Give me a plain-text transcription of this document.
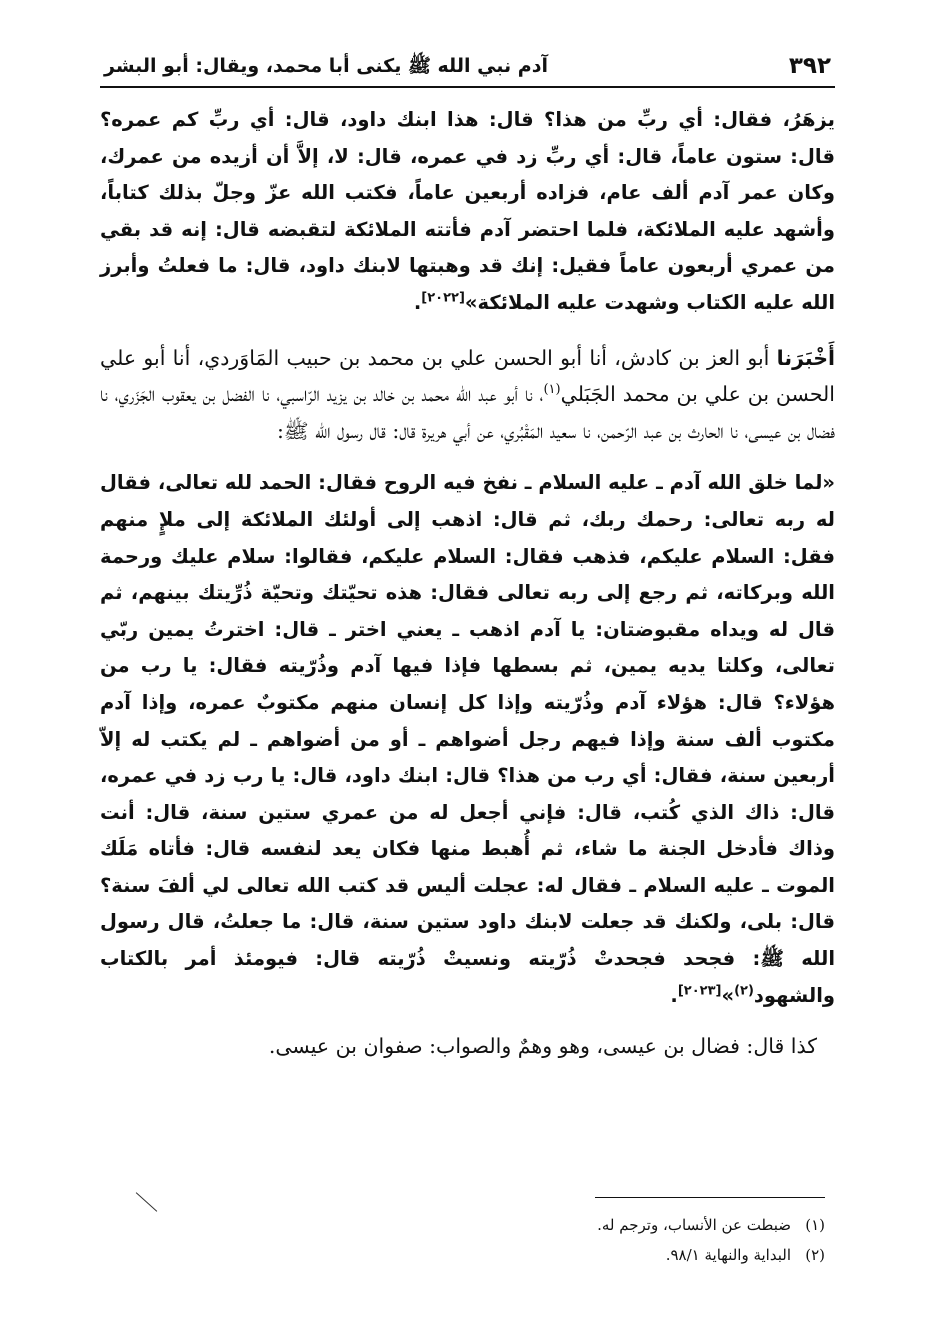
٣٩٢
آدم نبي الله ﷺ يكنى أبا محمد، ويقال: أبو البشر

يزهَرُ، فقال: أي ربِّ من هذا؟ قال: هذا ابنك داود، قال: أي ربِّ كم عمره؟ قال: ستون عاماً، قال: أي ربِّ زد في عمره، قال: لا، إلاَّ أن أزيده من عمرك، وكان عمر آدم ألف عام، فزاده أربعين عاماً، فكتب الله عزّ وجلّ بذلك كتاباً، وأشهد عليه الملائكة، فلما احتضر آدم فأتته الملائكة لتقبضه قال: إنه قد بقي من عمري أربعون عاماً فقيل: إنك قد وهبتها لابنك داود، قال: ما فعلتُ وأبرز الله عليه الكتاب وشهدت عليه الملائكة»[٢٠٢٢].

أَخْبَرَنا أبو العز بن كادش، أنا أبو الحسن علي بن محمد بن حبيب المَاوَردي، أنا أبو علي الحسن بن علي بن محمد الجَبَلي$^{(١)}$، نا أبو عبد اللّه محمد بن خالد بن يزيد الرّاسبي، نا الفضل بن يعقوب الجَزَري، نا فضال بن عيسى، نا الحارث بن عبد الرّحمن، نا سعيد المَقْبُري، عن أبي هريرة قال: قال رسول الله ﷺ:

«لما خلق الله آدم ـ عليه السلام ـ نفخ فيه الروح فقال: الحمد لله تعالى، فقال له ربه تعالى: رحمك ربك، ثم قال: اذهب إلى أولئك الملائكة إلى ملإٍ منهم فقل: السلام عليكم، فذهب فقال: السلام عليكم، فقالوا: سلام عليك ورحمة الله وبركاته، ثم رجع إلى ربه تعالى فقال: هذه تحيّتك وتحيّة ذُرِّيتك بينهم، ثم قال له ويداه مقبوضتان: يا آدم اذهب ـ يعني اختر ـ قال: اخترتُ يمين ربّي تعالى، وكلتا يديه يمين، ثم بسطها فإذا فيها آدم وذُرّيته فقال: يا رب من هؤلاء؟ قال: هؤلاء آدم وذُرّيته وإذا كل إنسان منهم مكتوبٌ عمره، وإذا آدم مكتوب ألف سنة وإذا فيهم رجل أضواهم ـ أو من أضواهم ـ لم يكتب له إلاّ أربعين سنة، فقال: أي رب من هذا؟ قال: ابنك داود، قال: يا رب زد في عمره، قال: ذاك الذي كُتب، قال: فإني أجعل له من عمري ستين سنة، قال: أنت وذاك فأدخل الجنة ما شاء، ثم أُهبط منها فكان يعد لنفسه قال: فأتاه مَلَك الموت ـ عليه السلام ـ فقال له: عجلت أليس قد كتب الله تعالى لي ألفَ سنة؟ قال: بلى، ولكنك قد جعلت لابنك داود ستين سنة، قال: ما جعلتُ، قال رسول الله ﷺ: فجحد فجحدتْ ذُرّيته ونسيتْ ذُرّيته قال: فيومئذ أمر بالكتاب والشهود$^{(٢)}$»[٢٠٢٣].

كذا قال: فضال بن عيسى، وهو وهمٌ والصواب: صفوان بن عيسى.

(١)ضبطت عن الأنساب، وترجم له.
(٢)البداية والنهاية ٩٨/١.
